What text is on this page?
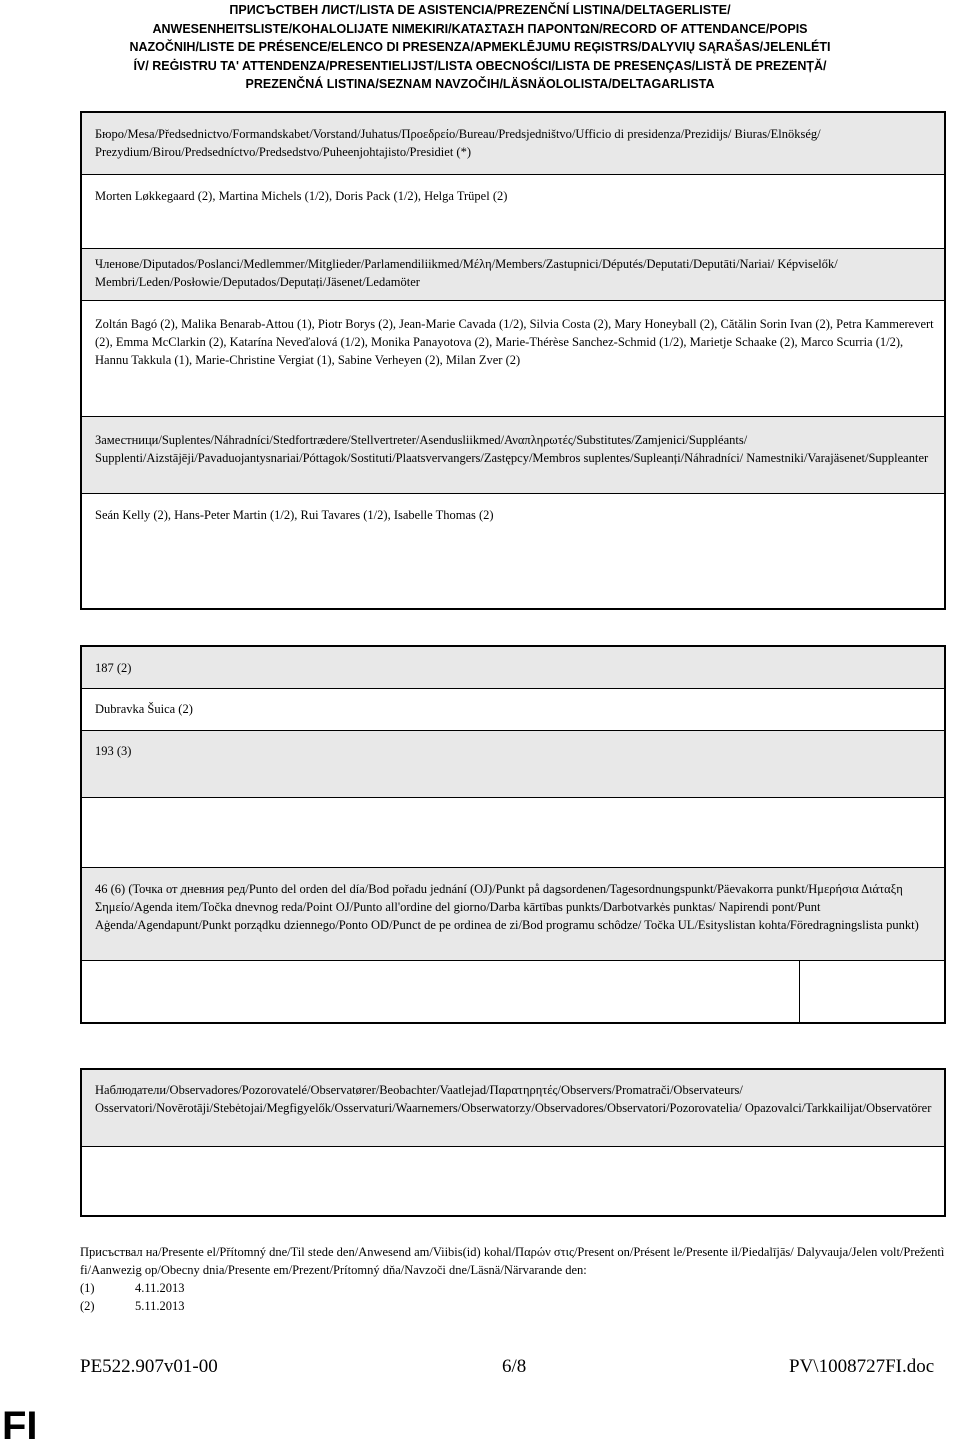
ПРИСЪСТВЕН ЛИСТ/LISTA DE ASISTENCIA/PREZENČNÍ LISTINA/DELTAGERLISTE/
ANWESENHEITSLISTE/KOHALOLIJATE NIMEKIRI/ΚΑΤΑΣΤΑΣΗ ΠΑΡΟΝΤΩΝ/RECORD OF ATTENDANCE/POPIS
NAZOČNIH/LISTE DE PRÉSENCE/ELENCO DI PRESENZA/APMEKLĒJUMU REĢISTRS/DALYVIŲ SĄRAŠAS/JELENLÉTI
ÍV/ REĠISTRU TA' ATTENDENZA/PRESENTIELIJST/LISTA OBECNOŚCI/LISTA DE PRESENÇAS/LISTĂ DE PREZENȚĂ/
PREZENČNÁ LISTINA/SEZNAM NAVZOČIH/LÄSNÄOLOLISTA/DELTAGARLISTA
Бюро/Mesa/Předsednictvo/Formandskabet/Vorstand/Juhatus/Προεδρείο/Bureau/Predsjedništvo/Ufficio di presidenza/Prezidijs/ Biuras/Elnökség/ Prezydium/Birou/Predsedníctvo/Predsedstvo/Puheenjohtajisto/Presidiet (*)
Morten Løkkegaard (2), Martina Michels (1/2), Doris Pack (1/2), Helga Trüpel (2)
Членове/Diputados/Poslanci/Medlemmer/Mitglieder/Parlamendiliikmed/Μέλη/Members/Zastupnici/Députés/Deputati/Deputāti/Nariai/ Képviselők/ Membri/Leden/Posłowie/Deputados/Deputați/Jäsenet/Ledamöter
Zoltán Bagó (2), Malika Benarab-Attou (1), Piotr Borys (2), Jean-Marie Cavada (1/2), Silvia Costa (2), Mary Honeyball (2), Cătălin Sorin Ivan (2), Petra Kammerevert (2), Emma McClarkin (2), Katarína Neveďalová (1/2), Monika Panayotova (2), Marie-Thérèse Sanchez-Schmid (1/2), Marietje Schaake (2), Marco Scurria (1/2), Hannu Takkula (1), Marie-Christine Vergiat (1), Sabine Verheyen (2), Milan Zver (2)
Заместници/Suplentes/Náhradníci/Stedfortrædere/Stellvertreter/Asendusliikmed/Αναπληρωτές/Substitutes/Zamjenici/Suppléants/ Supplenti/Aizstājēji/Pavaduojantysnariai/Póttagok/Sostituti/Plaatsvervangers/Zastępcy/Membros suplentes/Supleanți/Náhradníci/ Namestniki/Varajäsenet/Suppleanter
Seán Kelly (2), Hans-Peter Martin (1/2), Rui Tavares (1/2), Isabelle Thomas (2)
187 (2)
Dubravka Šuica (2)
193 (3)
46 (6) (Точка от дневния ред/Punto del orden del día/Bod pořadu jednání (OJ)/Punkt på dagsordenen/Tagesordnungspunkt/Päevakorra punkt/Ημερήσια Διάταξη Σημείο/Agenda item/Točka dnevnog reda/Point OJ/Punto all'ordine del giorno/Darba kārtības punkts/Darbotvarkės punktas/ Napirendi pont/Punt Aġenda/Agendapunt/Punkt porządku dziennego/Ponto OD/Punct de pe ordinea de zi/Bod programu schôdze/ Točka UL/Esityslistan kohta/Föredragningslista punkt)
Наблюдатели/Observadores/Pozorovatelé/Observatører/Beobachter/Vaatlejad/Παρατηρητές/Observers/Promatrači/Observateurs/ Osservatori/Novērotāji/Stebėtojai/Megfigyelők/Osservaturi/Waarnemers/Obserwatorzy/Observadores/Observatori/Pozorovatelia/ Opazovalci/Tarkkailijat/Observatörer
Присъствал на/Presente el/Přítomný dne/Til stede den/Anwesend am/Viibis(id) kohal/Παρών στις/Present on/Présent le/Presente il/Piedalījās/ Dalyvauja/Jelen volt/Prežentì fi/Aanwezig op/Obecny dnia/Presente em/Prezent/Prítomný dňa/Navzoči dne/Läsnä/Närvarande den:
(1)	4.11.2013
(2)	5.11.2013
PE522.907v01-00	6/8	PV\1008727FI.doc
FI
